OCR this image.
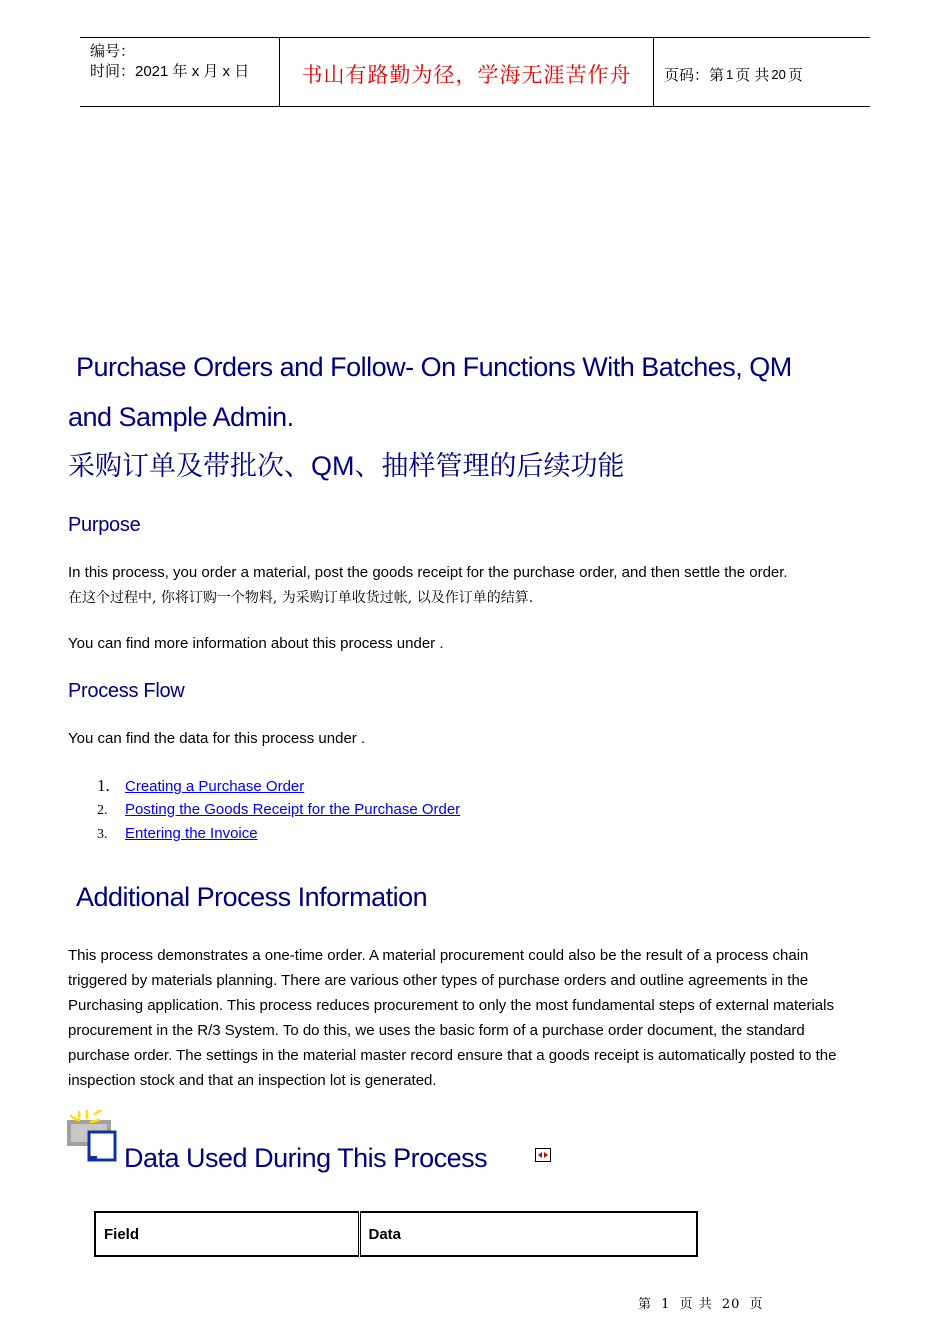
编号：
时间：2021 年 x 月 x 日	书山有路勤为径，学海无涯苦作舟 页码：第 1 页 共 20 页
Purchase Orders and Follow- On Functions With Batches, QM
and Sample Admin.
采购订单及带批次、QM、抽样管理的后续功能
Purpose

In this process, you order a material, post the goods receipt for the purchase order, and then settle the order.

在这个过程中, 你将订购一个物料, 为采购订单收货过帐, 以及作订单的结算.

You can find more information about this process under .

Process Flow

You can find the data for this process under .

1.	Creating a Purchase Order
2.	Posting the Goods Receipt for the Purchase Order
3.	Entering the Invoice
Additional Process Information

This process demonstrates a one-time order. A material procurement could also be the result of a process chain triggered by materials planning. There are various other types of purchase orders and outline agreements in the Purchasing application. This process reduces procurement to only the most fundamental steps of external materials procurement in the R/3 System. To do this, we uses the basic form of a purchase order document, the standard purchase order. The settings in the material master record ensure that a goods receipt is automatically posted to the inspection stock and that an inspection lot is generated.

Data Used During This Process
Field	Data
第 1 页 共 20 页
